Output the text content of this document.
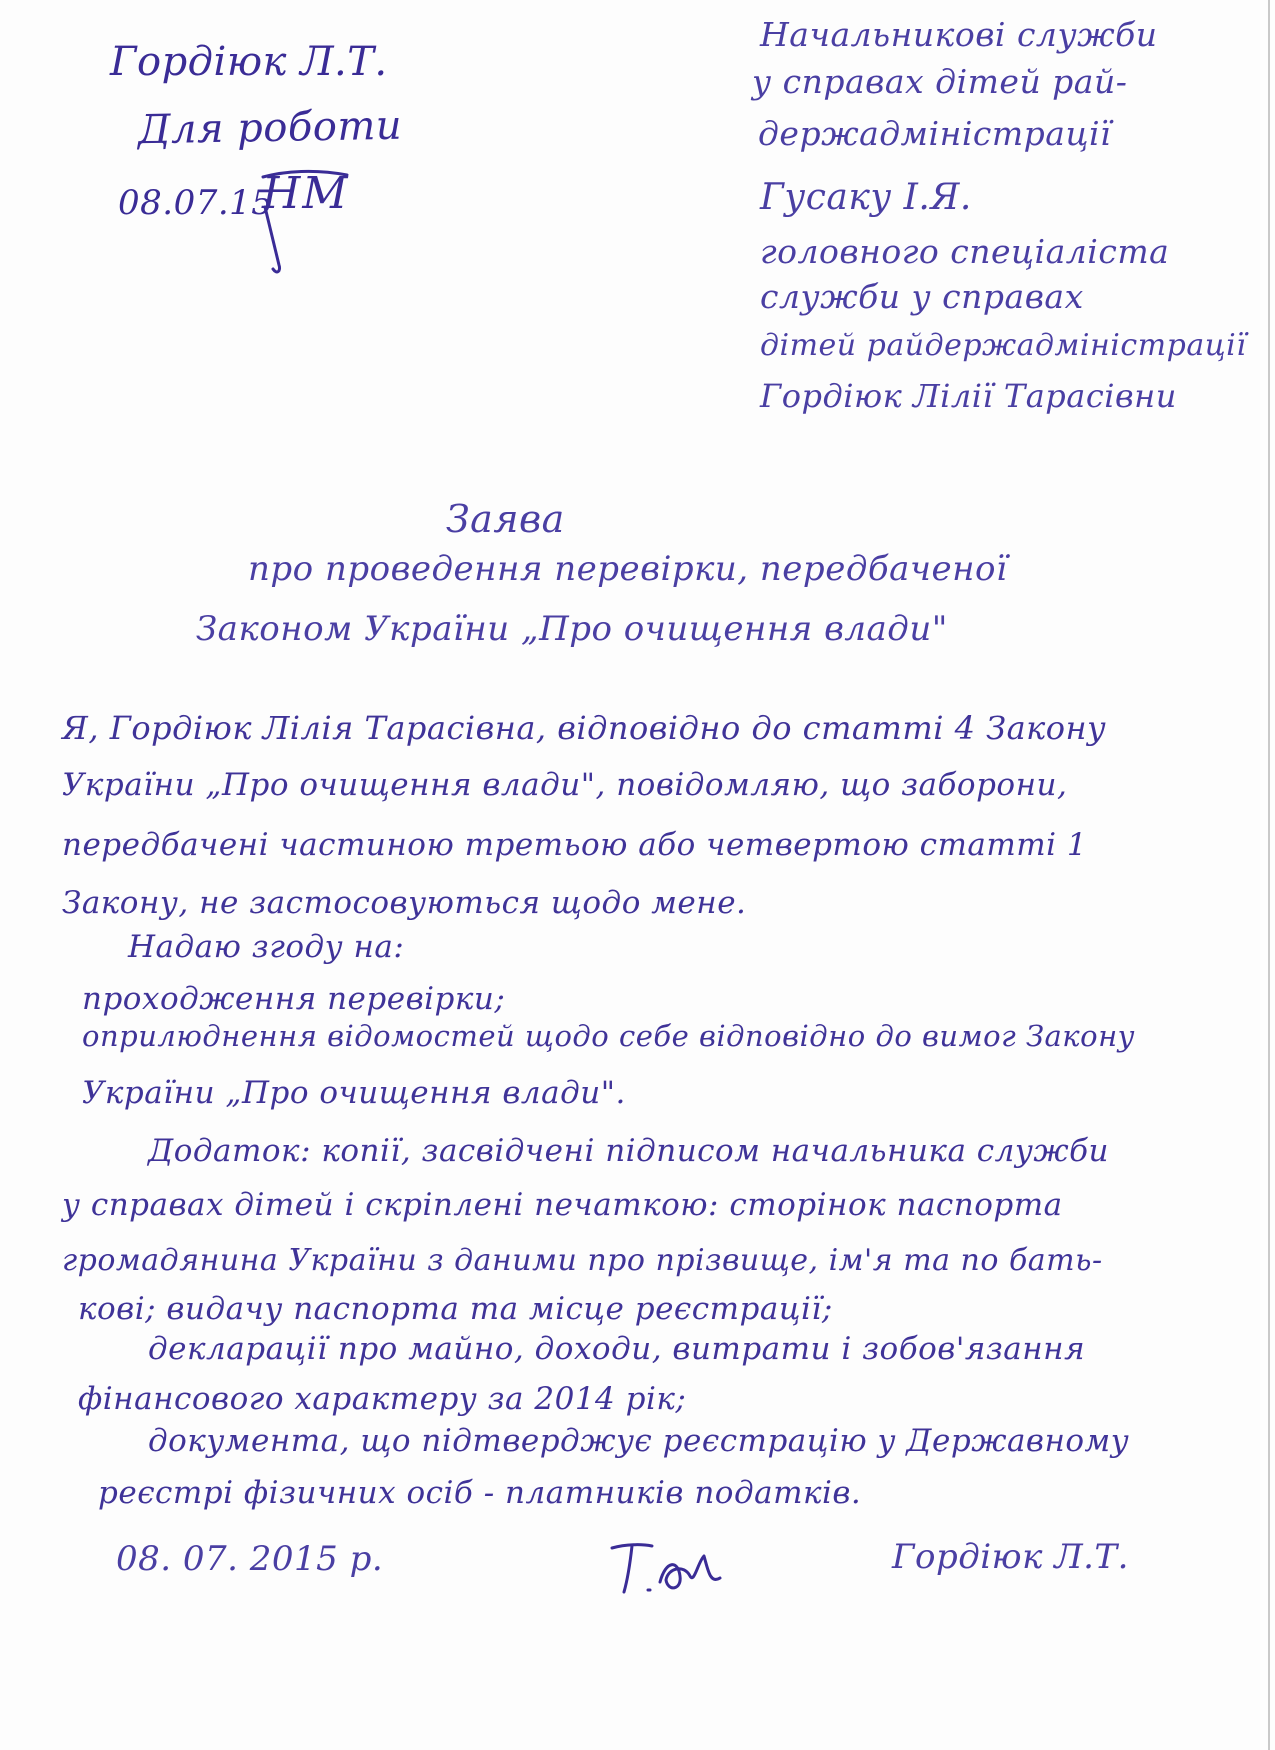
Гордіюк Л.Т.
Для роботи
08.07.15
НМ
Начальникові служби
у справах дітей рай-
держадміністрації
Гусаку І.Я.
головного спеціаліста
служби у справах
дітей райдержадміністрації
Гордіюк Лілії Тарасівни
Заява
про проведення перевірки, передбаченої
Законом України „Про очищення влади"
Я, Гордіюк Лілія Тарасівна, відповідно до статті 4 Закону
України „Про очищення влади", повідомляю, що заборони,
передбачені частиною третьою або четвертою статті 1
Закону, не застосовуються щодо мене.
Надаю згоду на:
проходження перевірки;
оприлюднення відомостей щодо себе відповідно до вимог Закону
України „Про очищення влади".
Додаток: копії, засвідчені підписом начальника служби
у справах дітей і скріплені печаткою: сторінок паспорта
громадянина України з даними про прізвище, ім'я та по бать-
кові; видачу паспорта та місце реєстрації;
декларації про майно, доходи, витрати і зобов'язання
фінансового характеру за 2014 рік;
документа, що підтверджує реєстрацію у Державному
реєстрі фізичних осіб - платників податків.
08. 07. 2015 р.	Гордіюк Л.Т.
